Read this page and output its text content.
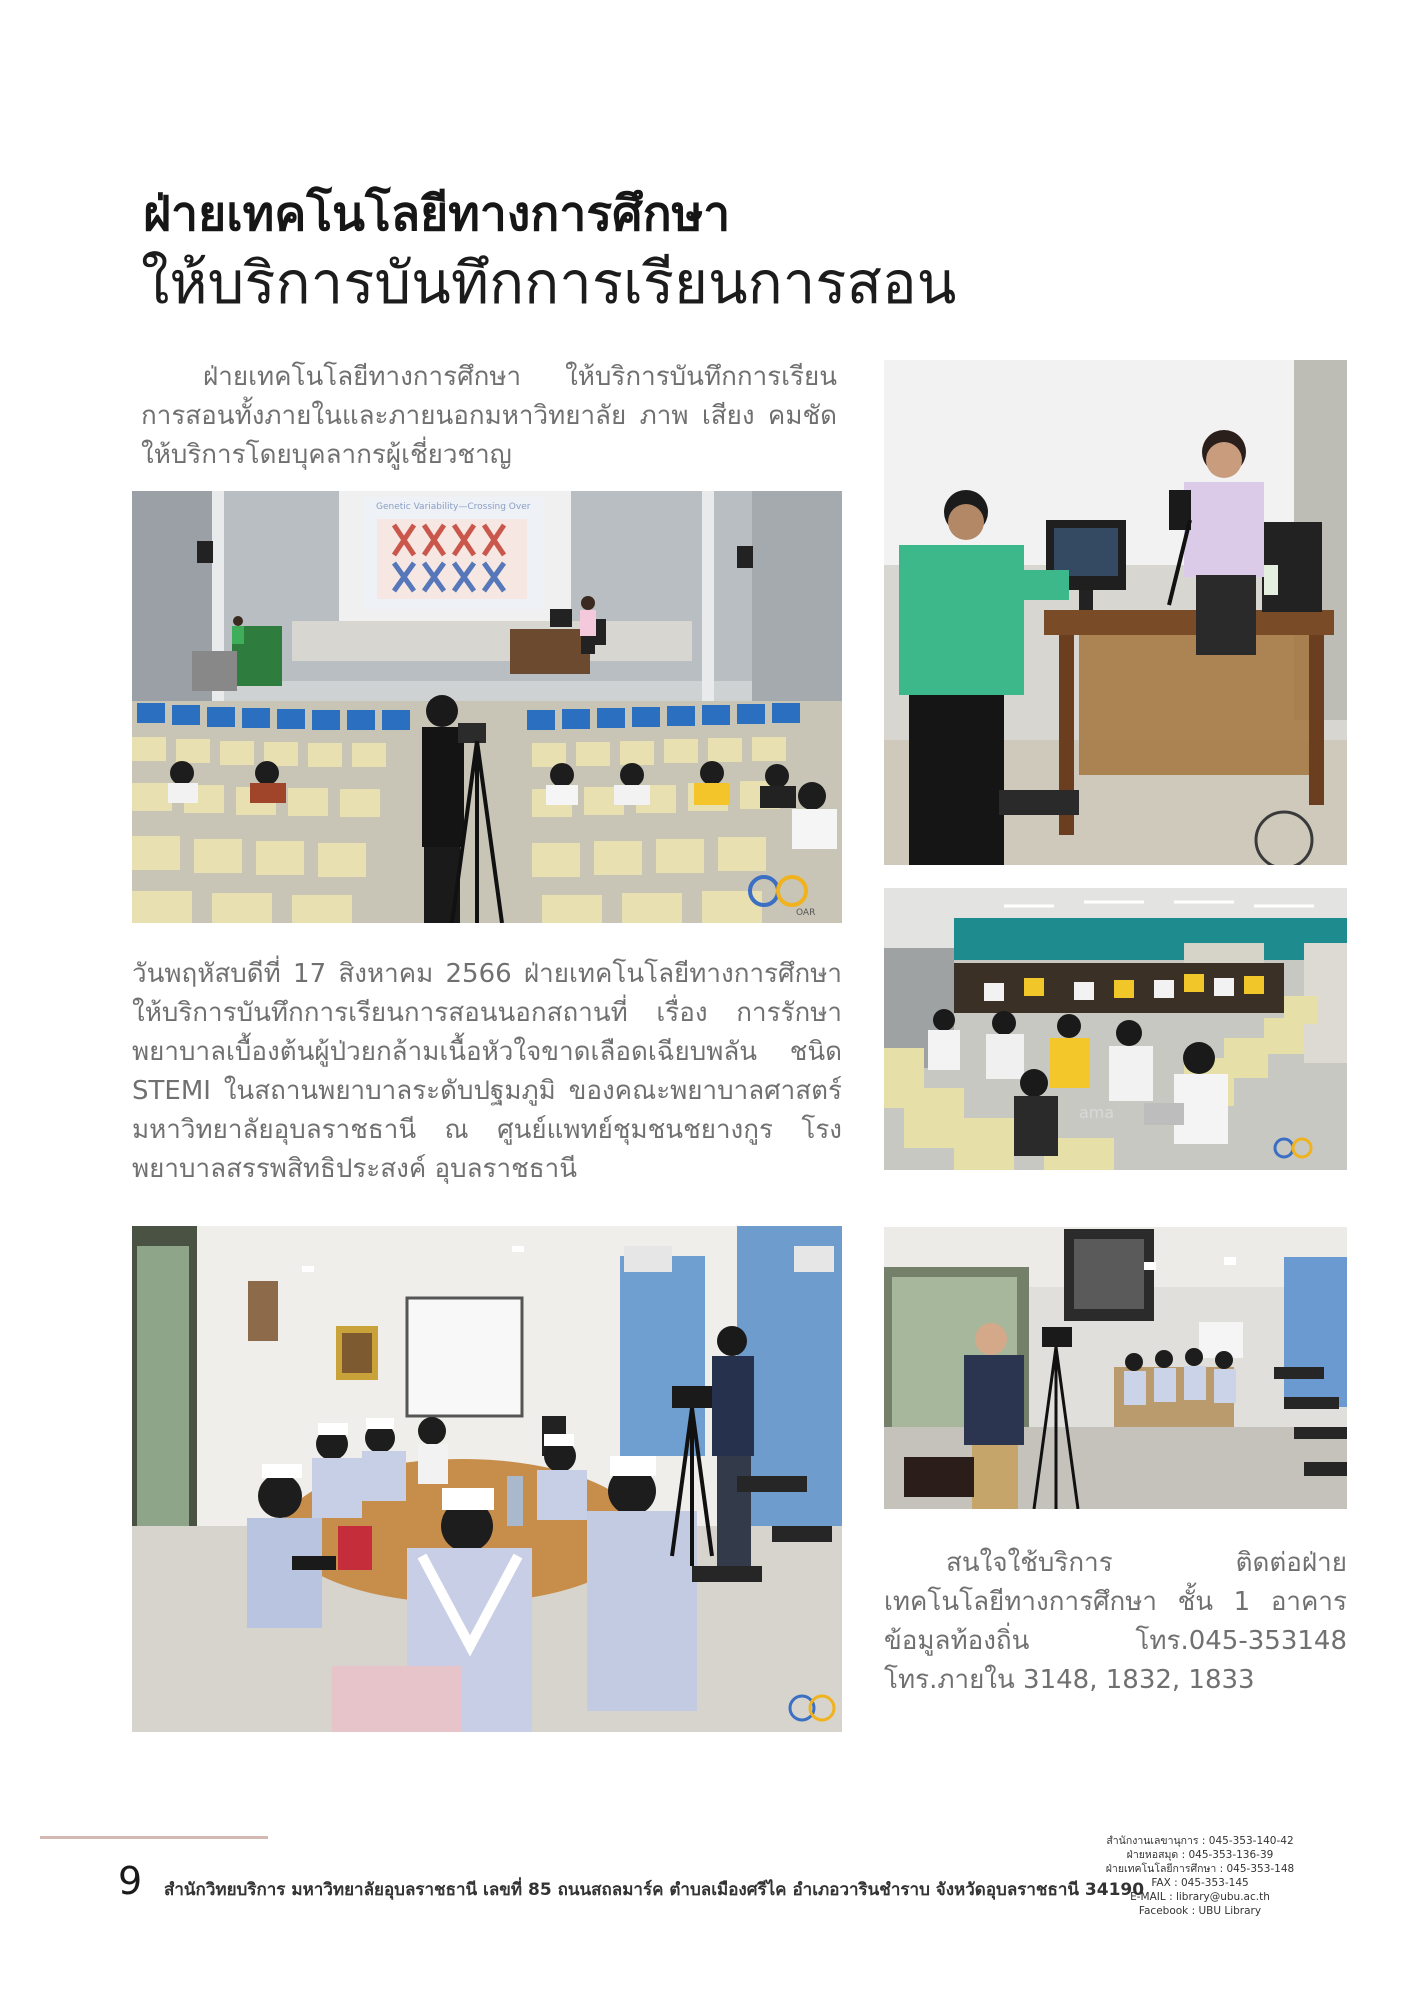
ฝ่ายเทคโนโลยีทางการศึกษา
ให้บริการบันทึกการเรียนการสอน

ฝ่ายเทคโนโลยีทางการศึกษา ให้บริการบันทึกการเรียนการสอนทั้งภายในและภายนอกมหาวิทยาลัย ภาพ เสียง คมชัด ให้บริการโดยบุคลากรผู้เชี่ยวชาญ

Genetic Variability—Crossing Over
OAR

วันพฤหัสบดีที่ 17 สิงหาคม 2566 ฝ่ายเทคโนโลยีทางการศึกษา ให้บริการบันทึกการเรียนการสอนนอกสถานที่ เรื่อง การรักษาพยาบาลเบื้องต้นผู้ป่วยกล้ามเนื้อหัวใจขาดเลือดเฉียบพลัน ชนิด STEMI ในสถานพยาบาลระดับปฐมภูมิ ของคณะพยาบาลศาสตร์ มหาวิทยาลัยอุบลราชธานี ณ ศูนย์แพทย์ชุมชนชยางกูร โรงพยาบาลสรรพสิทธิประสงค์ อุบลราชธานี

ama

สนใจใช้บริการ ติดต่อฝ่ายเทคโนโลยีทางการศึกษา ชั้น 1 อาคารข้อมูลท้องถิ่น โทร.045-353148 โทร.ภายใน 3148, 1832, 1833

9 สำนักวิทยบริการ มหาวิทยาลัยอุบลราชธานี เลขที่ 85 ถนนสถลมาร์ค ตำบลเมืองศรีไค อำเภอวารินชำราบ จังหวัดอุบลราชธานี 34190
สำนักงานเลขานุการ : 045-353-140-42
ฝ่ายหอสมุด : 045-353-136-39
ฝ่ายเทคโนโลยีการศึกษา : 045-353-148
FAX : 045-353-145
E-MAIL : library@ubu.ac.th
Facebook : UBU Library
